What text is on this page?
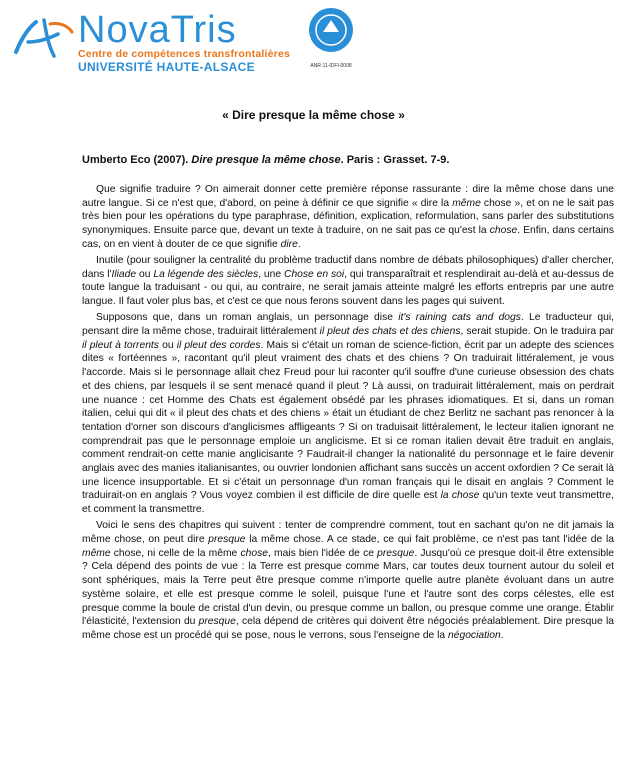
NovaTris
Centre de compétences transfrontalières
UNIVERSITÉ HAUTE-ALSACE	ANR-11-IDFI-0008
« Dire presque la même chose »
Umberto Eco (2007). Dire presque la même chose. Paris : Grasset. 7-9.

Que signifie traduire ? On aimerait donner cette première réponse rassurante : dire la même chose dans une autre langue. Si ce n'est que, d'abord, on peine à définir ce que signifie « dire la même chose », et on ne le sait pas très bien pour les opérations du type paraphrase, définition, explication, reformulation, sans parler des substitutions synonymiques. Ensuite parce que, devant un texte à traduire, on ne sait pas ce qu'est la chose. Enfin, dans certains cas, on en vient à douter de ce que signifie dire.

Inutile (pour souligner la centralité du problème traductif dans nombre de débats philosophiques) d'aller chercher, dans l'Iliade ou La légende des siècles, une Chose en soi, qui transparaîtrait et resplendirait au-delà et au-dessus de toute langue la traduisant - ou qui, au contraire, ne serait jamais atteinte malgré les efforts entrepris par une autre langue. Il faut voler plus bas, et c'est ce que nous ferons souvent dans les pages qui suivent.

Supposons que, dans un roman anglais, un personnage dise it's raining cats and dogs. Le traducteur qui, pensant dire la même chose, traduirait littéralement il pleut des chats et des chiens, serait stupide. On le traduira par il pleut à torrents ou il pleut des cordes. Mais si c'était un roman de science-fiction, écrit par un adepte des sciences dites « fortéennes », racontant qu'il pleut vraiment des chats et des chiens ? On traduirait littéralement, je vous l'accorde. Mais si le personnage allait chez Freud pour lui raconter qu'il souffre d'une curieuse obsession des chats et des chiens, par lesquels il se sent menacé quand il pleut ? Là aussi, on traduirait littéralement, mais on perdrait une nuance : cet Homme des Chats est également obsédé par les phrases idiomatiques. Et si, dans un roman italien, celui qui dit « il pleut des chats et des chiens » était un étudiant de chez Berlitz ne sachant pas renoncer à la tentation d'orner son discours d'anglicismes affligeants ? Si on traduisait littéralement, le lecteur italien ignorant ne comprendrait pas que le personnage emploie un anglicisme. Et si ce roman italien devait être traduit en anglais, comment rendrait-on cette manie anglicisante ? Faudrait-il changer la nationalité du personnage et le faire devenir anglais avec des manies italianisantes, ou ouvrier londonien affichant sans succès un accent oxfordien ? Ce serait là une licence insupportable. Et si c'était un personnage d'un roman français qui le disait en anglais ? Comment le traduirait-on en anglais ? Vous voyez combien il est difficile de dire quelle est la chose qu'un texte veut transmettre, et comment la transmettre.

Voici le sens des chapitres qui suivent : tenter de comprendre comment, tout en sachant qu'on ne dit jamais la même chose, on peut dire presque la même chose. A ce stade, ce qui fait problème, ce n'est pas tant l'idée de la même chose, ni celle de la même chose, mais bien l'idée de ce presque. Jusqu'où ce presque doit-il être extensible ? Cela dépend des points de vue : la Terre est presque comme Mars, car toutes deux tournent autour du soleil et sont sphériques, mais la Terre peut être presque comme n'importe quelle autre planète évoluant dans un autre système solaire, et elle est presque comme le soleil, puisque l'une et l'autre sont des corps célestes, elle est presque comme la boule de cristal d'un devin, ou presque comme un ballon, ou presque comme une orange. Établir l'élasticité, l'extension du presque, cela dépend de critères qui doivent être négociés préalablement. Dire presque la même chose est un procédé qui se pose, nous le verrons, sous l'enseigne de la négociation.
